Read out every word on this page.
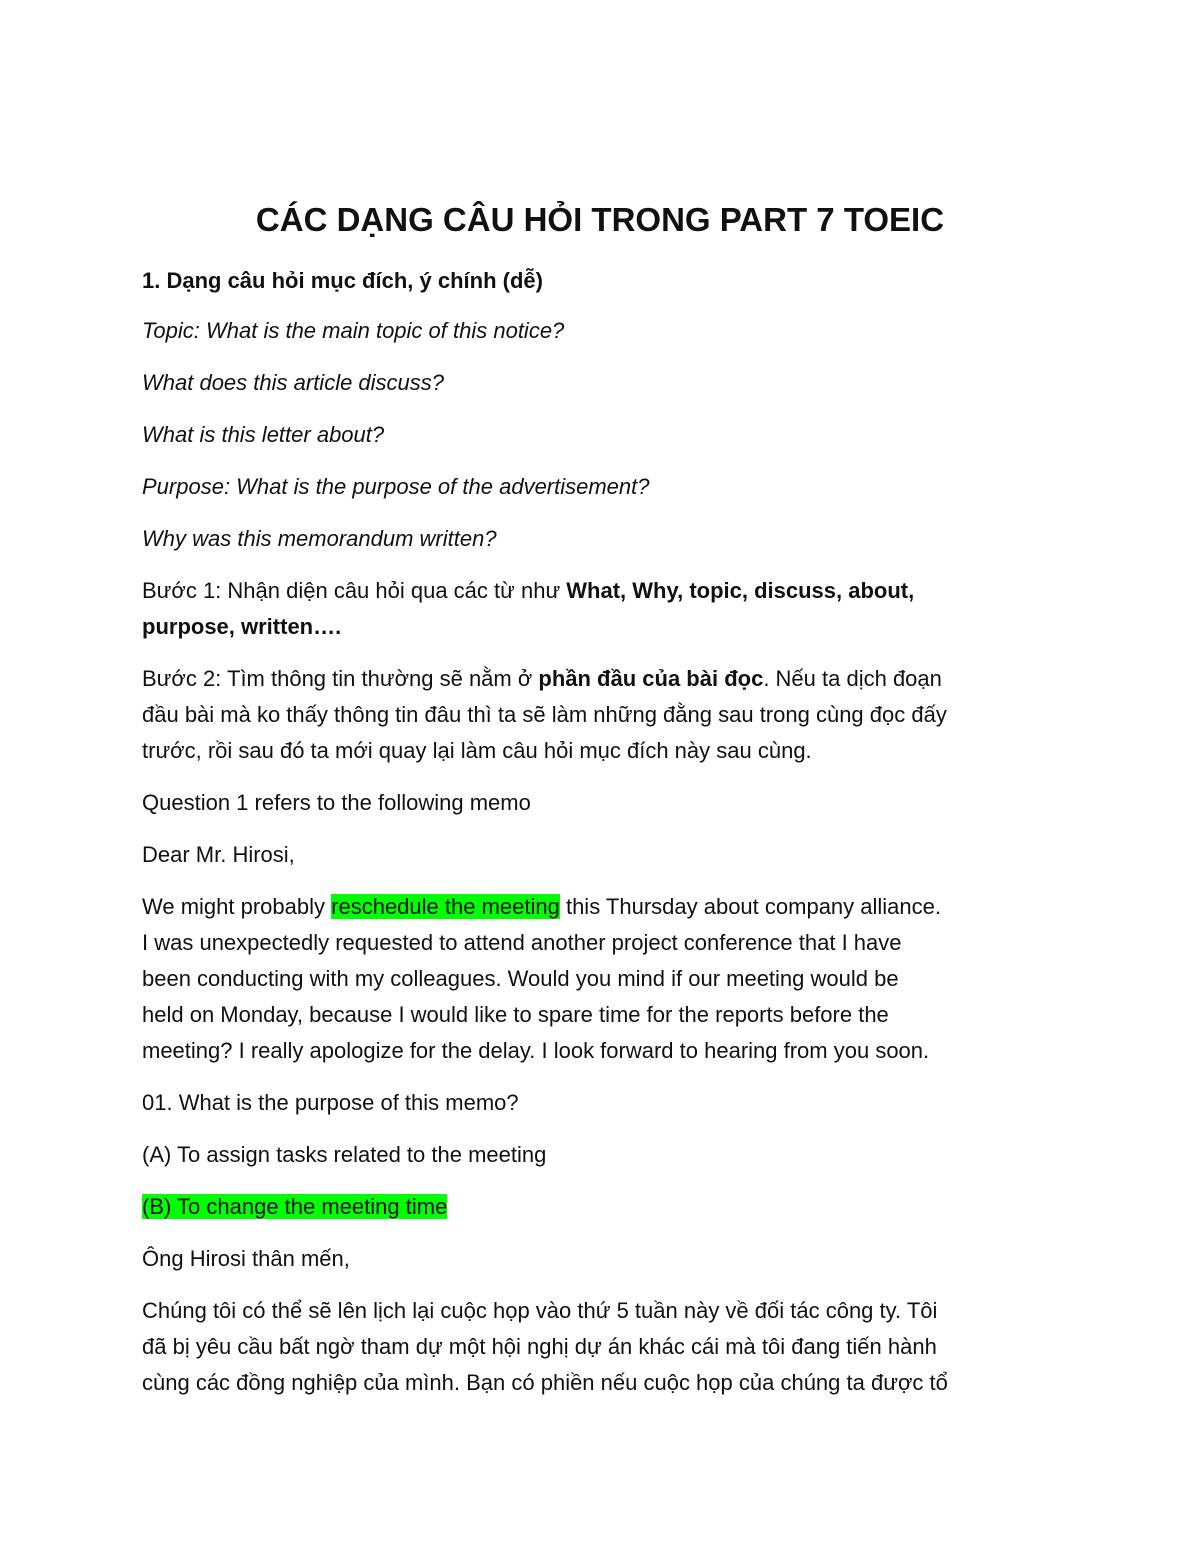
CÁC DẠNG CÂU HỎI TRONG PART 7 TOEIC
1. Dạng câu hỏi mục đích, ý chính (dễ)
Topic: What is the main topic of this notice?
What does this article discuss?
What is this letter about?
Purpose: What is the purpose of the advertisement?
Why was this memorandum written?
Bước 1: Nhận diện câu hỏi qua các từ như What, Why, topic, discuss, about,
purpose, written….
Bước 2: Tìm thông tin thường sẽ nằm ở phần đầu của bài đọc. Nếu ta dịch đoạn
đầu bài mà ko thấy thông tin đâu thì ta sẽ làm những đằng sau trong cùng đọc đấy
trước, rồi sau đó ta mới quay lại làm câu hỏi mục đích này sau cùng.
Question 1 refers to the following memo
Dear Mr. Hirosi,
We might probably reschedule the meeting this Thursday about company alliance.
I was unexpectedly requested to attend another project conference that I have
been conducting with my colleagues. Would you mind if our meeting would be
held on Monday, because I would like to spare time for the reports before the
meeting? I really apologize for the delay. I look forward to hearing from you soon.
01. What is the purpose of this memo?
(A) To assign tasks related to the meeting
(B) To change the meeting time
Ông Hirosi thân mến,
Chúng tôi có thể sẽ lên lịch lại cuộc họp vào thứ 5 tuần này về đối tác công ty. Tôi
đã bị yêu cầu bất ngờ tham dự một hội nghị dự án khác cái mà tôi đang tiến hành
cùng các đồng nghiệp của mình. Bạn có phiền nếu cuộc họp của chúng ta được tổ
